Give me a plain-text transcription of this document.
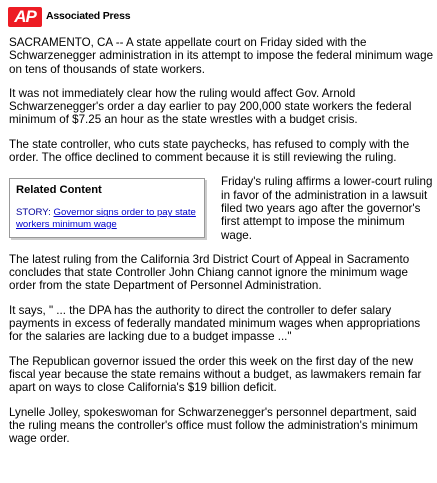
AP Associated Press

SACRAMENTO, CA -- A state appellate court on Friday sided with the Schwarzenegger administration in its attempt to impose the federal minimum wage on tens of thousands of state workers.

It was not immediately clear how the ruling would affect Gov. Arnold Schwarzenegger's order a day earlier to pay 200,000 state workers the federal minimum of $7.25 an hour as the state wrestles with a budget crisis.

The state controller, who cuts state paychecks, has refused to comply with the order. The office declined to comment because it is still reviewing the ruling.

Related Content
STORY: Governor signs order to pay state workers minimum wage

Friday's ruling affirms a lower-court ruling in favor of the administration in a lawsuit filed two years ago after the governor's first attempt to impose the minimum wage.

The latest ruling from the California 3rd District Court of Appeal in Sacramento concludes that state Controller John Chiang cannot ignore the minimum wage order from the state Department of Personnel Administration.

It says, " ... the DPA has the authority to direct the controller to defer salary payments in excess of federally mandated minimum wages when appropriations for the salaries are lacking due to a budget impasse ..."

The Republican governor issued the order this week on the first day of the new fiscal year because the state remains without a budget, as lawmakers remain far apart on ways to close California's $19 billion deficit.

Lynelle Jolley, spokeswoman for Schwarzenegger's personnel department, said the ruling means the controller's office must follow the administration's minimum wage order.
